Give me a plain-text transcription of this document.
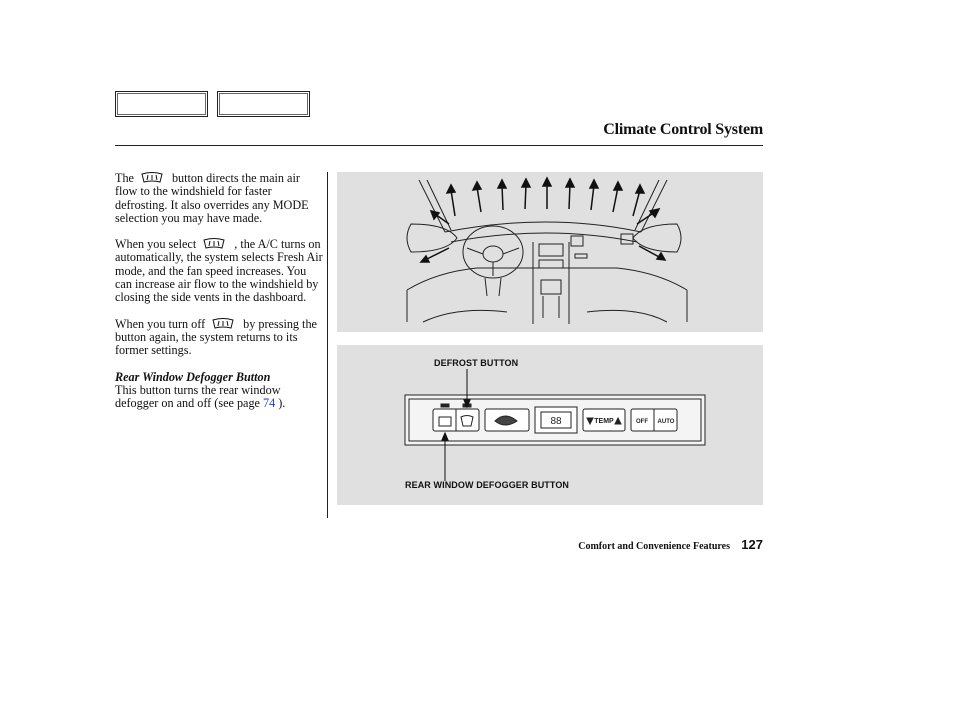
Climate Control System

The	button directs the main air flow to the windshield for faster defrosting. It also overrides any MODE selection you may have made.

When you select	, the A/C turns on automatically, the system selects Fresh Air mode, and the fan speed increases. You can increase air flow to the windshield by closing the side vents in the dashboard.

When you turn off	by pressing the button again, the system returns to its former settings.

Rear Window Defogger Button

This button turns the rear window defogger on and off (see page 74 ).

88	TEMP	OFF AUTO
DEFROST BUTTON
REAR WINDOW DEFOGGER BUTTON
Comfort and Convenience Features 127
